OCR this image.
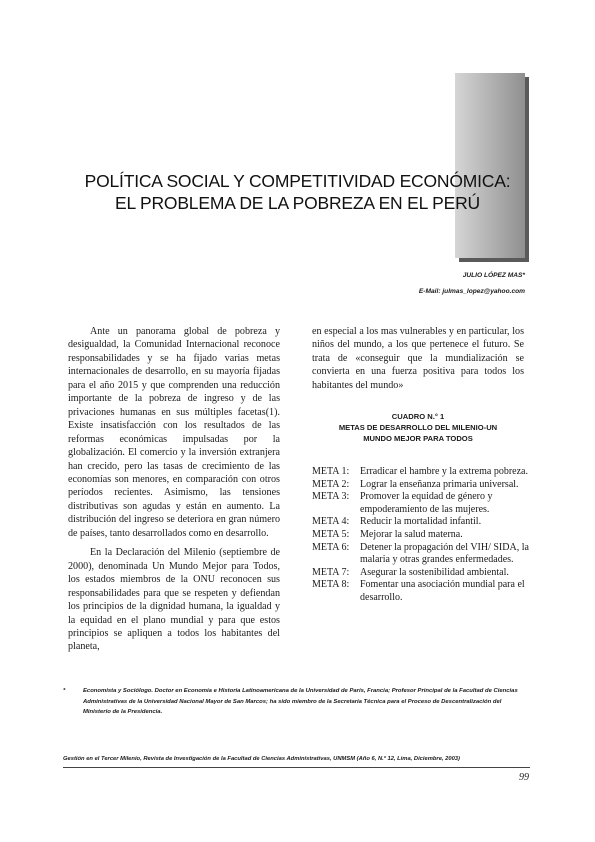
POLÍTICA SOCIAL Y COMPETITIVIDAD ECONÓMICA:
EL PROBLEMA DE LA POBREZA EN EL PERÚ
JULIO LÓPEZ MAS*
E-Mail: julmas_lopez@yahoo.com

Ante un panorama global de pobreza y desigualdad, la Comunidad Internacional reconoce responsabilidades y se ha fijado varias metas internacionales de desarrollo, en su mayoría fijadas para el año 2015 y que comprenden una reducción importante de la pobreza de ingreso y de las privaciones humanas en sus múltiples facetas(1). Existe insatisfacción con los resultados de las reformas económicas impulsadas por la globalización. El comercio y la inversión extranjera han crecido, pero las tasas de crecimiento de las economías son menores, en comparación con otros períodos recientes. Asimismo, las tensiones distributivas son agudas y están en aumento. La distribución del ingreso se deteriora en gran número de países, tanto desarrollados como en desarrollo.

En la Declaración del Milenio (septiembre de 2000), denominada Un Mundo Mejor para Todos, los estados miembros de la ONU reconocen sus responsabilidades para que se respeten y defiendan los principios de la dignidad humana, la igualdad y la equidad en el plano mundial y para que estos principios se apliquen a todos los habitantes del planeta,

en especial a los mas vulnerables y en particular, los niños del mundo, a los que pertenece el futuro. Se trata de «conseguir que la mundialización se convierta en una fuerza positiva para todos los habitantes del mundo»

CUADRO N.° 1
METAS DE DESARROLLO DEL MILENIO-UN
MUNDO MEJOR PARA TODOS
META 1:	Erradicar el hambre y la extrema pobreza.
META 2:	Lograr la enseñanza primaria universal.
META 3:	Promover la equidad de género y empoderamiento de las mujeres.
META 4:	Reducir la mortalidad infantil.
META 5:	Mejorar la salud materna.
META 6:	Detener la propagación del VIH/ SIDA, la malaria y otras grandes enfermedades.
META 7:	Asegurar la sostenibilidad ambiental.
META 8:	Fomentar una asociación mundial para el desarrollo.
*	Economista y Sociólogo. Doctor en Economía e Historia Latinoamericana de la Universidad de París, Francia; Profesor Principal de la Facultad de Ciencias Administrativas de la Universidad Nacional Mayor de San Marcos; ha sido miembro de la Secretaría Técnica para el Proceso de Descentralización del Ministerio de la Presidencia.
Gestión en el Tercer Milenio, Revista de Investigación de la Facultad de Ciencias Administrativas, UNMSM (Año 6, N.º 12, Lima, Diciembre, 2003)
99
